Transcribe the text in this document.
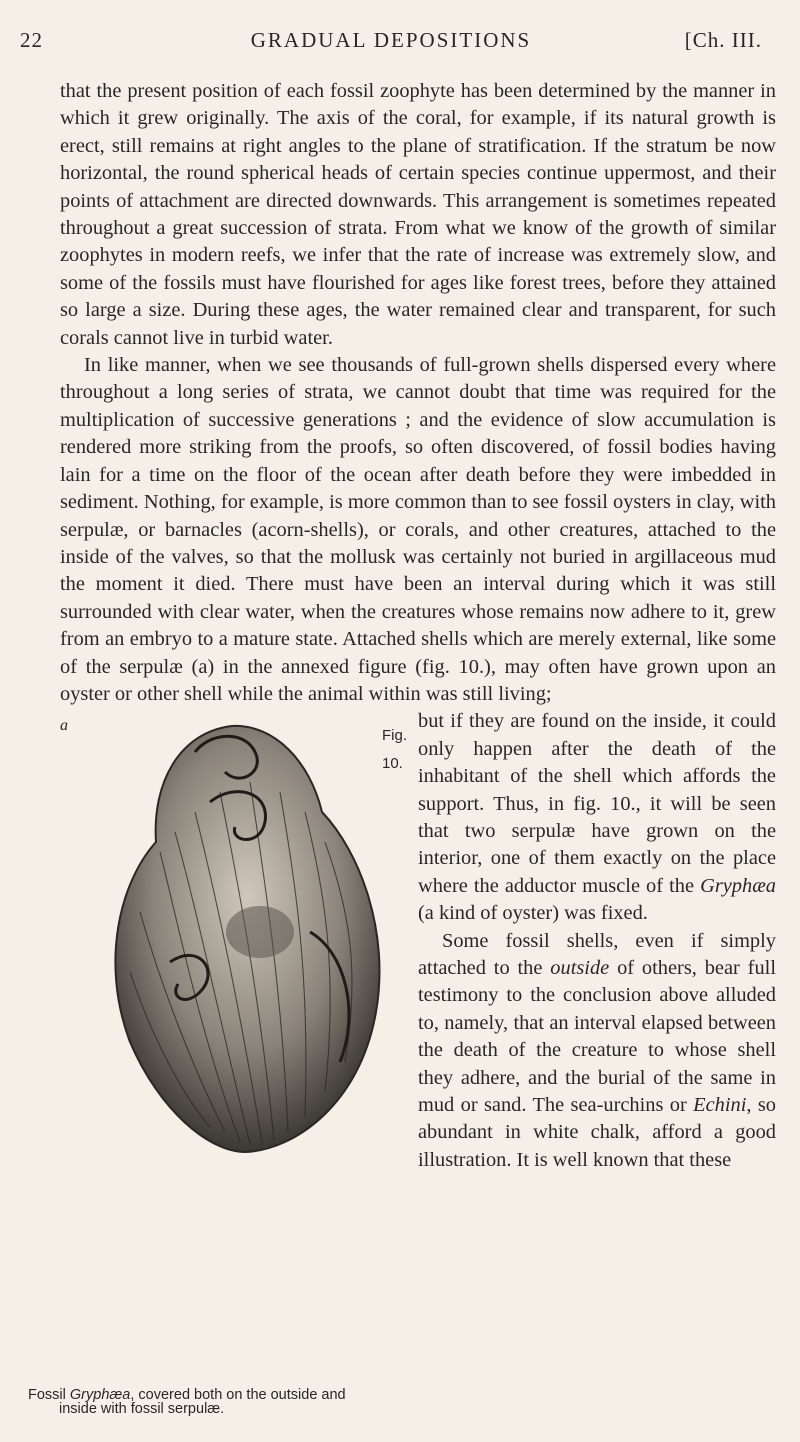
22	GRADUAL DEPOSITIONS	[Ch. III.

that the present position of each fossil zoophyte has been determined by the manner in which it grew originally. The axis of the coral, for example, if its natural growth is erect, still remains at right angles to the plane of stratification. If the stratum be now horizontal, the round spherical heads of certain species continue uppermost, and their points of attachment are directed downwards. This arrangement is sometimes repeated throughout a great succession of strata. From what we know of the growth of similar zoophytes in modern reefs, we infer that the rate of increase was extremely slow, and some of the fossils must have flourished for ages like forest trees, before they attained so large a size. During these ages, the water remained clear and transparent, for such corals cannot live in turbid water.

In like manner, when we see thousands of full-grown shells dispersed every where throughout a long series of strata, we cannot doubt that time was required for the multiplication of successive generations ; and the evidence of slow accumulation is rendered more striking from the proofs, so often discovered, of fossil bodies having lain for a time on the floor of the ocean after death before they were imbedded in sediment. Nothing, for example, is more common than to see fossil oysters in clay, with serpulæ, or barnacles (acorn-shells), or corals, and other creatures, attached to the inside of the valves, so that the mollusk was certainly not buried in argillaceous mud the moment it died. There must have been an interval during which it was still surrounded with clear water, when the creatures whose remains now adhere to it, grew from an embryo to a mature state. Attached shells which are merely external, like some of the serpulæ (a) in the annexed figure (fig. 10.), may often have grown upon an oyster or other shell while the animal within was still living;

a
Fig. 10.

but if they are found on the inside, it could only happen after the death of the inhabitant of the shell which affords the support. Thus, in fig. 10., it will be seen that two serpulæ have grown on the interior, one of them exactly on the place where the adductor muscle of the Gryphæa (a kind of oyster) was fixed.

Some fossil shells, even if simply attached to the outside of others, bear full testimony to the conclusion above alluded to, namely, that an interval elapsed between the death of the creature to whose shell they adhere, and the burial of the same in mud or sand. The sea-urchins or Echini, so abundant in white chalk, afford a good illustration. It is well known that these

Fossil Gryphæa, covered both on the outside and
inside with fossil serpulæ.
